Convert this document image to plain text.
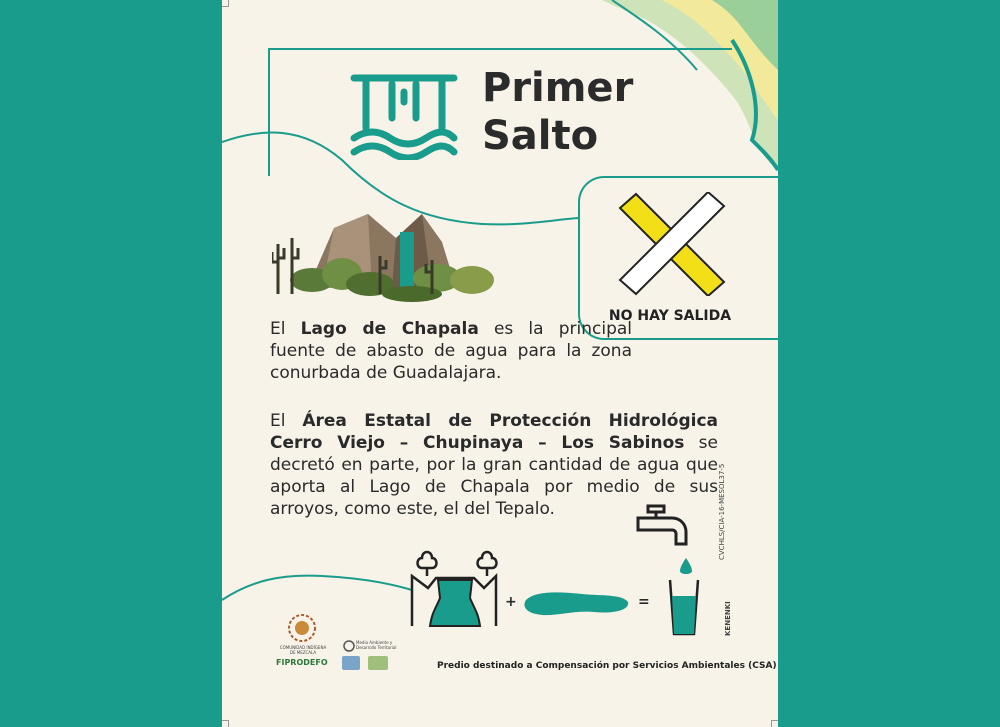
Primer
Salto
NO HAY SALIDA
El Lago de Chapala es la principal fuente de abasto de agua para la zona conurbada de Guadalajara.
El Área Estatal de Protección Hidrológica Cerro Viejo – Chupinaya – Los Sabinos se decretó en parte, por la gran cantidad de agua que aporta al Lago de Chapala por medio de sus arroyos, como este, el del Tepalo.
+	=
CVCHLS/CIA-16-MESOL37-5
KENENKI
COMUNIDAD INDÍGENA DE MEZCALA
FIPRODEFO
Medio Ambiente y Desarrollo Territorial
Predio destinado a Compensación por Servicios Ambientales (CSA)
